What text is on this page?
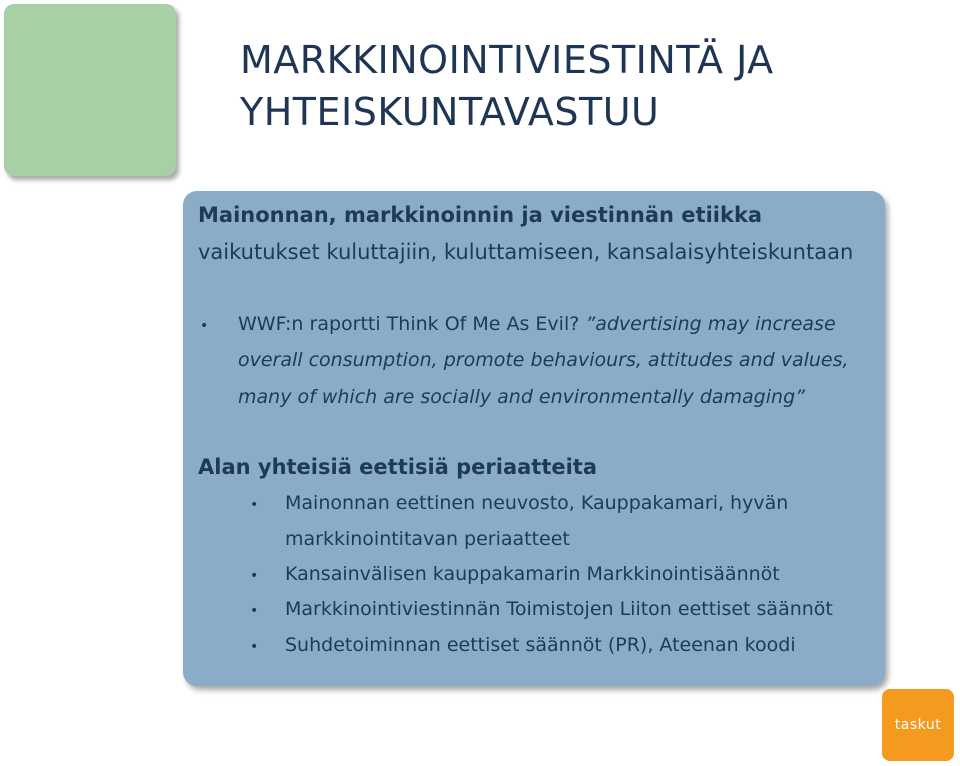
MARKKINOINTIVIESTINTÄ JA
YHTEISKUNTAVASTUU
Mainonnan, markkinoinnin ja viestinnän etiikka
vaikutukset kuluttajiin, kuluttamiseen, kansalaisyhteiskuntaan
• WWF:n raportti Think Of Me As Evil? ”advertising may increase
overall consumption, promote behaviours, attitudes and values,
many of which are socially and environmentally damaging”
Alan yhteisiä eettisiä periaatteita
• Mainonnan eettinen neuvosto, Kauppakamari, hyvän
markkinointitavan periaatteet
• Kansainvälisen kauppakamarin Markkinointisäännöt
• Markkinointiviestinnän Toimistojen Liiton eettiset säännöt
• Suhdetoiminnan eettiset säännöt (PR), Ateenan koodi
taskut
